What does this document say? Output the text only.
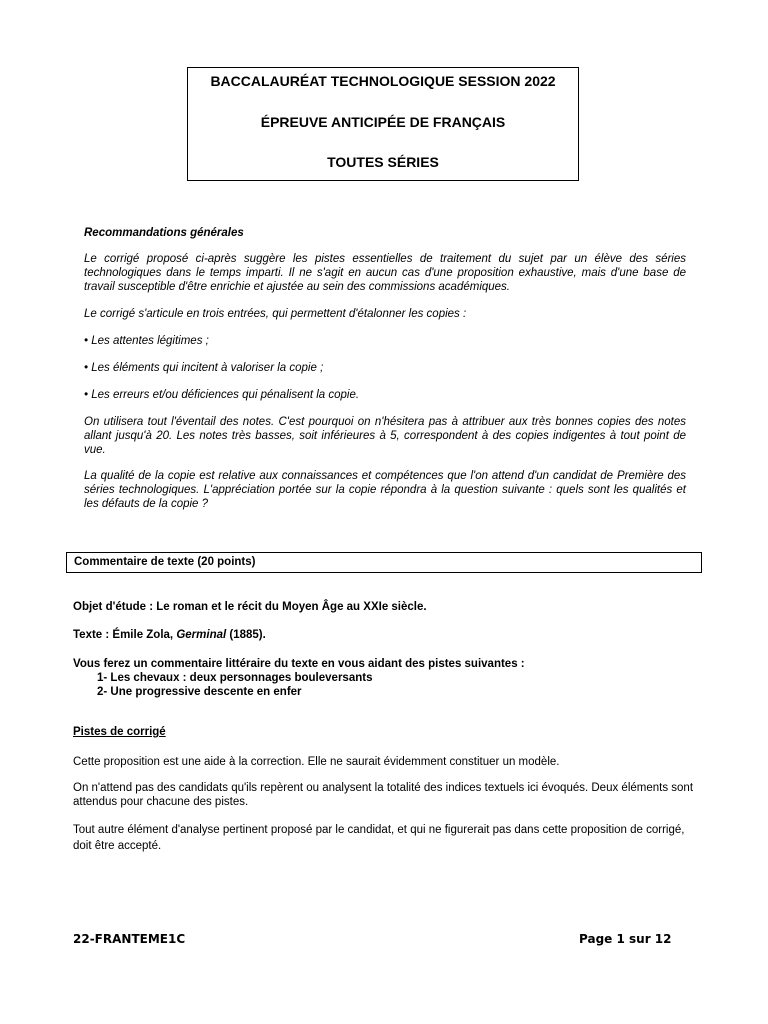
BACCALAURÉAT TECHNOLOGIQUE SESSION 2022
ÉPREUVE ANTICIPÉE DE FRANÇAIS
TOUTES SÉRIES
Recommandations générales
Le corrigé proposé ci-après suggère les pistes essentielles de traitement du sujet par un élève des séries technologiques dans le temps imparti. Il ne s'agit en aucun cas d'une proposition exhaustive, mais d'une base de travail susceptible d'être enrichie et ajustée au sein des commissions académiques.
Le corrigé s'articule en trois entrées, qui permettent d'étalonner les copies :
• Les attentes légitimes ;
• Les éléments qui incitent à valoriser la copie ;
• Les erreurs et/ou déficiences qui pénalisent la copie.
On utilisera tout l'éventail des notes. C'est pourquoi on n'hésitera pas à attribuer aux très bonnes copies des notes allant jusqu'à 20. Les notes très basses, soit inférieures à 5, correspondent à des copies indigentes à tout point de vue.
La qualité de la copie est relative aux connaissances et compétences que l'on attend d'un candidat de Première des séries technologiques. L'appréciation portée sur la copie répondra à la question suivante : quels sont les qualités et les défauts de la copie ?
Commentaire de texte (20 points)
Objet d'étude : Le roman et le récit du Moyen Âge au XXIe siècle.
Texte : Émile Zola, Germinal (1885).
Vous ferez un commentaire littéraire du texte en vous aidant des pistes suivantes :
1- Les chevaux : deux personnages bouleversants
2- Une progressive descente en enfer
Pistes de corrigé
Cette proposition est une aide à la correction. Elle ne saurait évidemment constituer un modèle.
On n'attend pas des candidats qu'ils repèrent ou analysent la totalité des indices textuels ici évoqués. Deux éléments sont attendus pour chacune des pistes.
Tout autre élément d'analyse pertinent proposé par le candidat, et qui ne figurerait pas dans cette proposition de corrigé, doit être accepté.
22-FRANTEME1C	Page 1 sur 12
